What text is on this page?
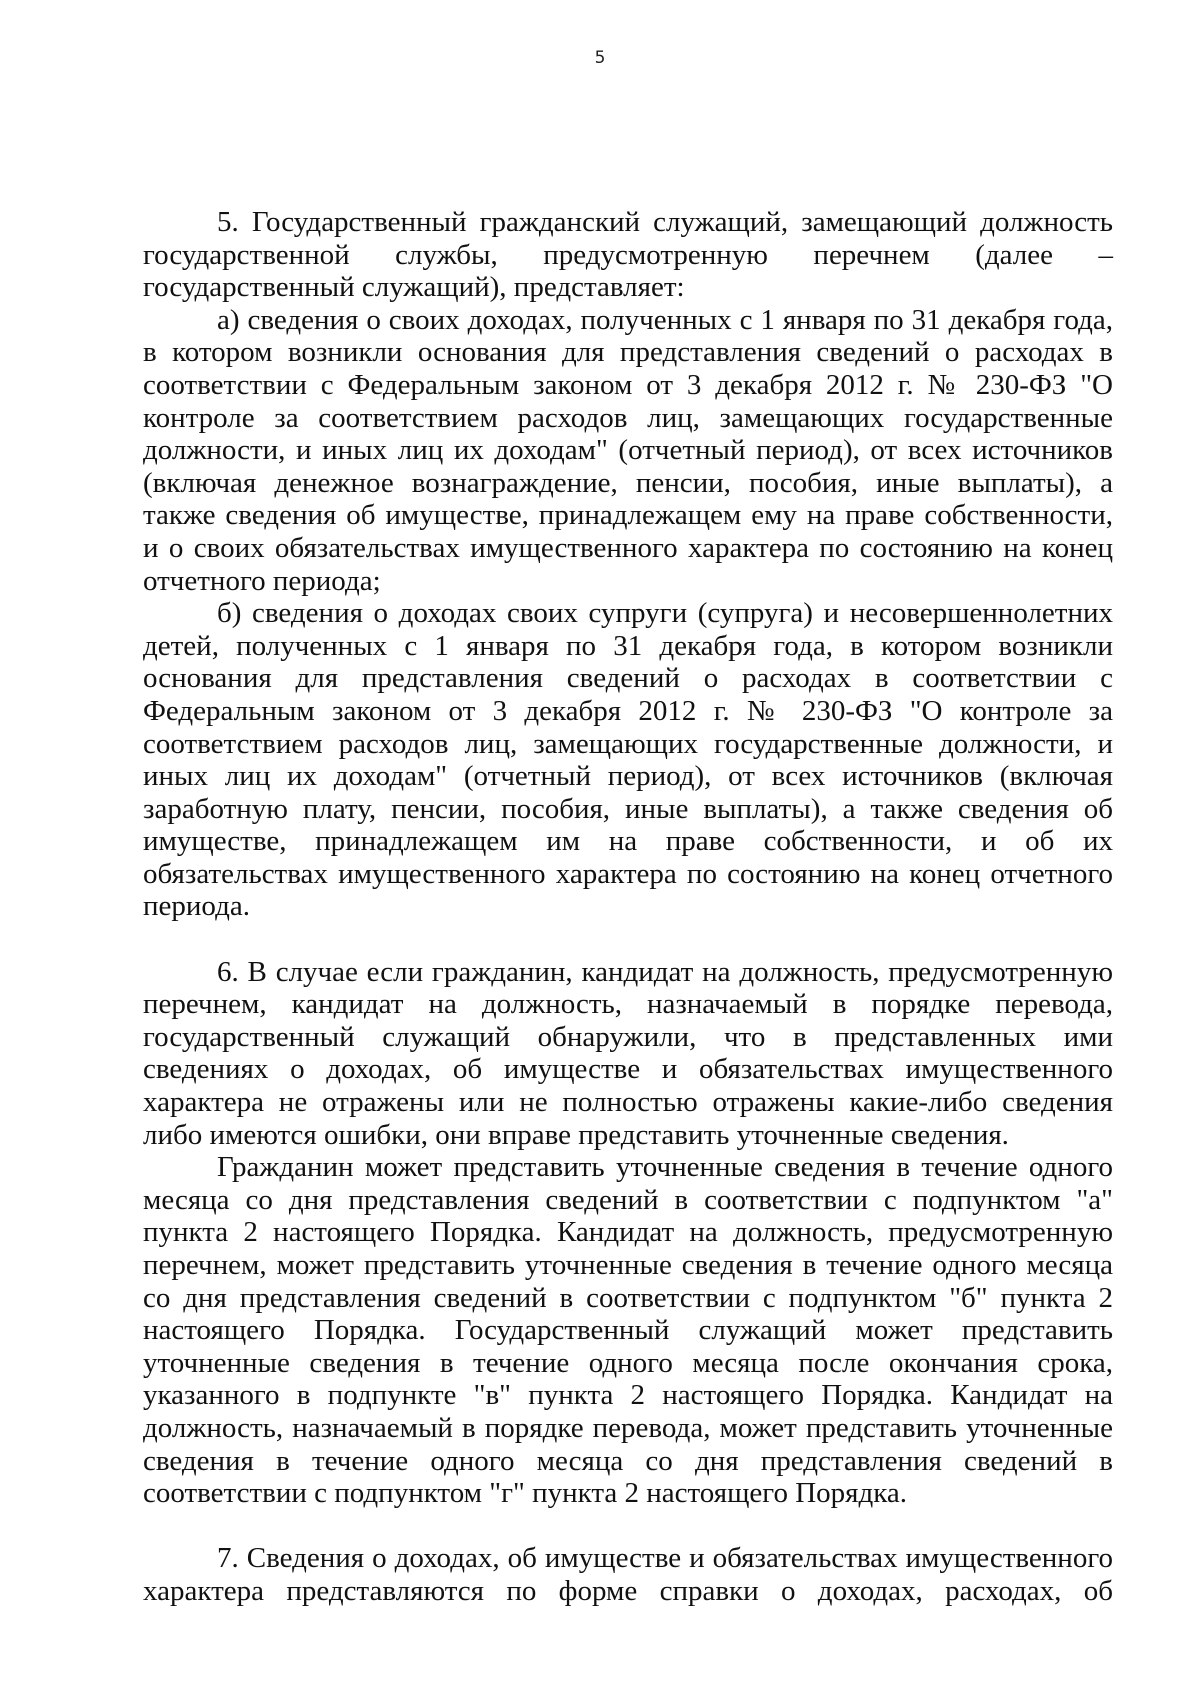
5

5. Государственный гражданский служащий, замещающий должность государственной службы, предусмотренную перечнем (далее – государственный служащий), представляет:

а) сведения о своих доходах, полученных с 1 января по 31 декабря года, в котором возникли основания для представления сведений о расходах в соответствии с Федеральным законом от 3 декабря 2012 г. № 230-ФЗ "О контроле за соответствием расходов лиц, замещающих государственные должности, и иных лиц их доходам" (отчетный период), от всех источников (включая денежное вознаграждение, пенсии, пособия, иные выплаты), а также сведения об имуществе, принадлежащем ему на праве собственности, и о своих обязательствах имущественного характера по состоянию на конец отчетного периода;

б) сведения о доходах своих супруги (супруга) и несовершеннолетних детей, полученных с 1 января по 31 декабря года, в котором возникли основания для представления сведений о расходах в соответствии с Федеральным законом от 3 декабря 2012 г. № 230-ФЗ "О контроле за соответствием расходов лиц, замещающих государственные должности, и иных лиц их доходам" (отчетный период), от всех источников (включая заработную плату, пенсии, пособия, иные выплаты), а также сведения об имуществе, принадлежащем им на праве собственности, и об их обязательствах имущественного характера по состоянию на конец отчетного периода.

6. В случае если гражданин, кандидат на должность, предусмотренную перечнем, кандидат на должность, назначаемый в порядке перевода, государственный служащий обнаружили, что в представленных ими сведениях о доходах, об имуществе и обязательствах имущественного характера не отражены или не полностью отражены какие-либо сведения либо имеются ошибки, они вправе представить уточненные сведения.

Гражданин может представить уточненные сведения в течение одного месяца со дня представления сведений в соответствии с подпунктом "а" пункта 2 настоящего Порядка. Кандидат на должность, предусмотренную перечнем, может представить уточненные сведения в течение одного месяца со дня представления сведений в соответствии с подпунктом "б" пункта 2 настоящего Порядка. Государственный служащий может представить уточненные сведения в течение одного месяца после окончания срока, указанного в подпункте "в" пункта 2 настоящего Порядка. Кандидат на должность, назначаемый в порядке перевода, может представить уточненные сведения в течение одного месяца со дня представления сведений в соответствии с подпунктом "г" пункта 2 настоящего Порядка.

7. Сведения о доходах, об имуществе и обязательствах имущественного характера представляются по форме справки о доходах, расходах, об
